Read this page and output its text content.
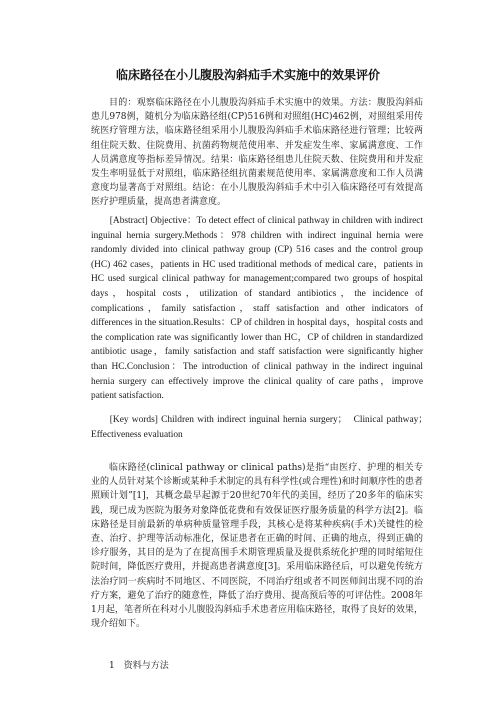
临床路径在小儿腹股沟斜疝手术实施中的效果评价
目的：观察临床路径在小儿腹股沟斜疝手术实施中的效果。方法：腹股沟斜疝患儿978例，随机分为临床路径组(CP)516例和对照组(HC)462例，对照组采用传统医疗管理方法，临床路径组采用小儿腹股沟斜疝手术临床路径进行管理；比较两组住院天数、住院费用、抗菌药物规范使用率、并发症发生率、家属满意度、工作人员满意度等指标差异情况。结果：临床路径组患儿住院天数、住院费用和并发症发生率明显低于对照组，临床路径组抗菌素规范使用率、家属满意度和工作人员满意度均显著高于对照组。结论：在小儿腹股沟斜疝手术中引入临床路径可有效提高医疗护理质量，提高患者满意度。
[Abstract] Objective：To detect effect of clinical pathway in children with indirect inguinal hernia surgery.Methods：978 children with indirect inguinal hernia were randomly divided into clinical pathway group (CP) 516 cases and the control group (HC) 462 cases，patients in HC used traditional methods of medical care，patients in HC used surgical clinical pathway for management;compared two groups of hospital days，hospital costs，utilization of standard antibiotics，the incidence of complications，family satisfaction，staff satisfaction and other indicators of differences in the situation.Results：CP of children in hospital days，hospital costs and the complication rate was significantly lower than HC，CP of children in standardized antibiotic usage，family satisfaction and staff satisfaction were significantly higher than HC.Conclusion：The introduction of clinical pathway in the indirect inguinal hernia surgery can effectively improve the clinical quality of care paths，improve patient satisfaction.
[Key words] Children with indirect inguinal hernia surgery；　Clinical pathway；　Effectiveness evaluation
临床路径(clinical pathway or clinical paths)是指“由医疗、护理的相关专业的人员针对某个诊断或某种手术制定的具有科学性(或合理性)和时间顺序性的患者照顾计划”[1]，其概念最早起源于20世纪70年代的美国，经历了20多年的临床实践，现已成为医院为服务对象降低花费和有效保证医疗服务质量的科学方法[2]。临床路径是目前最新的单病种质量管理手段，其核心是将某种疾病(手术)关键性的检查、治疗、护理等活动标准化，保证患者在正确的时间、正确的地点，得到正确的诊疗服务，其目的是为了在提高围手术期管理质量及提供系统化护理的同时缩短住院时间，降低医疗费用，并提高患者满意度[3]。采用临床路径后，可以避免传统方法治疗同一疾病时不同地区、不同医院，不同治疗组或者不同医师间出现不同的治疗方案，避免了治疗的随意性，降低了治疗费用、提高预后等的可评估性。2008年1月起，笔者所在科对小儿腹股沟斜疝手术患者应用临床路径，取得了良好的效果，现介绍如下。
1　资料与方法
